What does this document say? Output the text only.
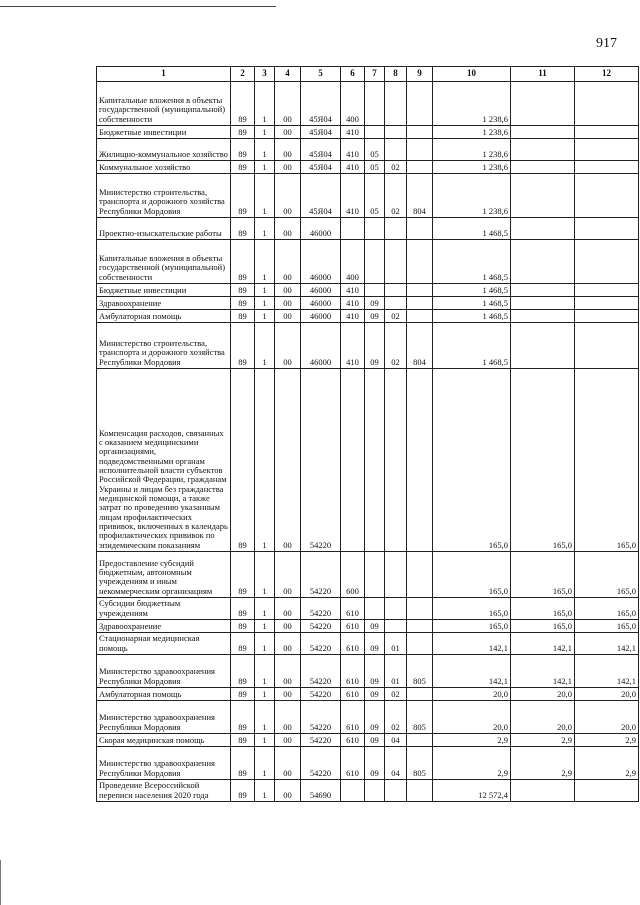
917
1	2	3	4	5	6	7	8	9	10	11	12
Капитальные вложения в объекты государственной (муниципальной) собственности	89	1	00	45Я04	400				1 238,6		
Бюджетные инвестиции	89	1	00	45Я04	410				1 238,6		
Жилищно-коммунальное хозяйство	89	1	00	45Я04	410	05			1 238,6		
Коммунальное хозяйство	89	1	00	45Я04	410	05	02		1 238,6		
Министерство строительства, транспорта и дорожного хозяйства Республики Мордовия	89	1	00	45Я04	410	05	02	804	1 238,6		
Проектно-изыскательские работы	89	1	00	46000					1 468,5		
Капитальные вложения в объекты государственной (муниципальной) собственности	89	1	00	46000	400				1 468,5		
Бюджетные инвестиции	89	1	00	46000	410				1 468,5		
Здравоохранение	89	1	00	46000	410	09			1 468,5		
Амбулаторная помощь	89	1	00	46000	410	09	02		1 468,5		
Министерство строительства, транспорта и дорожного хозяйства Республики Мордовия	89	1	00	46000	410	09	02	804	1 468,5		
Компенсация расходов, связанных с оказанием медицинскими организациями, подведомственными органам исполнительной власти субъектов Российской Федерации, гражданам Украины и лицам без гражданства медицинской помощи, а также затрат по проведению указанным лицам профилактических прививок, включенных в календарь профилактических прививок по эпидемическим показаниям	89	1	00	54220					165,0	165,0	165,0
Предоставление субсидий бюджетным, автономным учреждениям и иным некоммерческим организациям	89	1	00	54220	600				165,0	165,0	165,0
Субсидии бюджетным учреждениям	89	1	00	54220	610				165,0	165,0	165,0
Здравоохранение	89	1	00	54220	610	09			165,0	165,0	165,0
Стационарная медицинская помощь	89	1	00	54220	610	09	01		142,1	142,1	142,1
Министерство здравоохранения Республики Мордовия	89	1	00	54220	610	09	01	805	142,1	142,1	142,1
Амбулаторная помощь	89	1	00	54220	610	09	02		20,0	20,0	20,0
Министерство здравоохранения Республики Мордовия	89	1	00	54220	610	09	02	805	20,0	20,0	20,0
Скорая медицинская помощь	89	1	00	54220	610	09	04		2,9	2,9	2,9
Министерство здравоохранения Республики Мордовия	89	1	00	54220	610	09	04	805	2,9	2,9	2,9
Проведение Всероссийской переписи населения 2020 года	89	1	00	54690					12 572,4		
